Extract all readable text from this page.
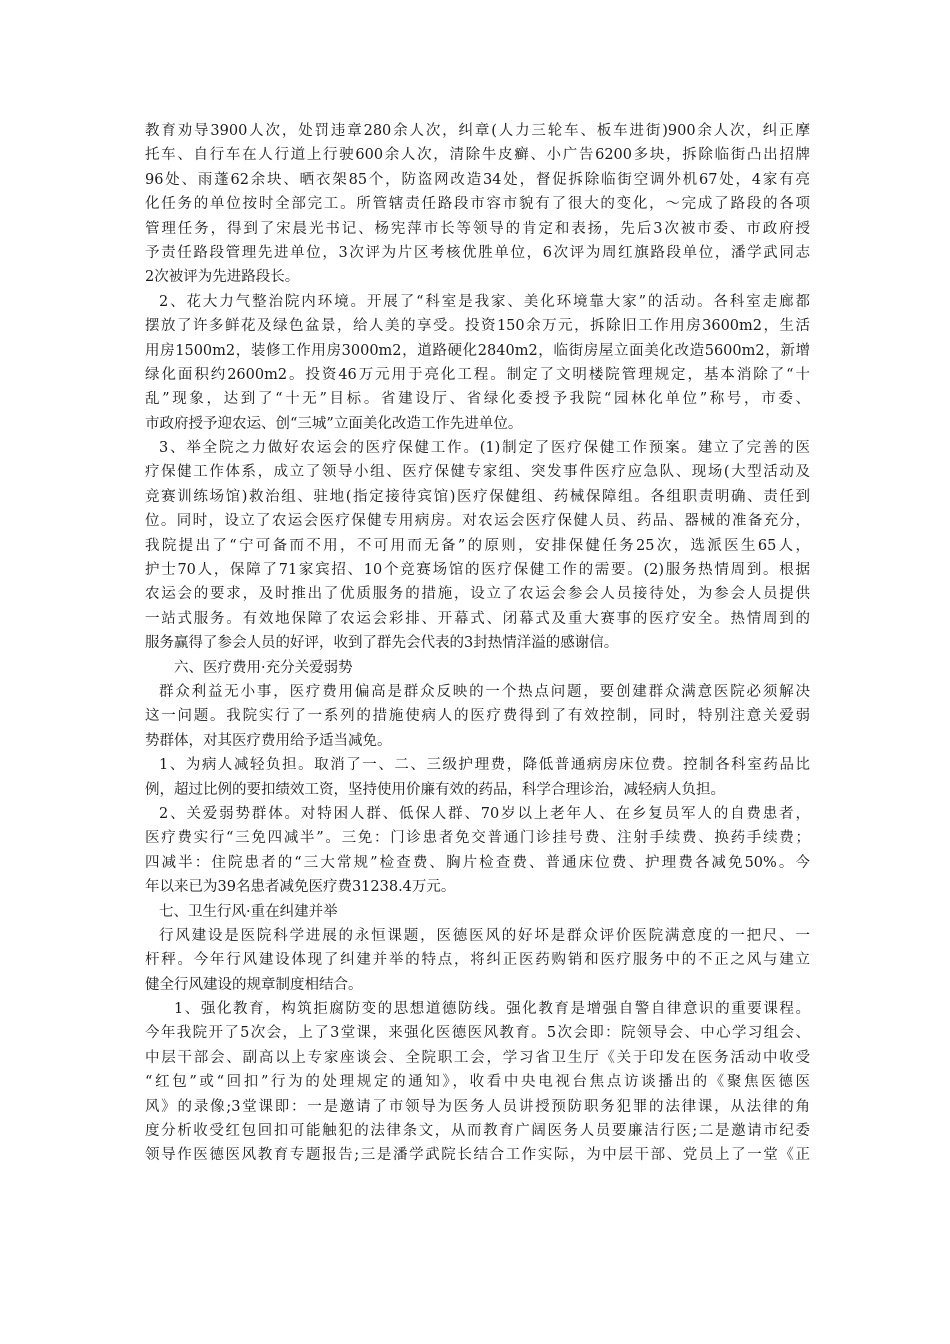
教育劝导3900人次，处罚违章280余人次，纠章(人力三轮车、板车进街)900余人次，纠正摩
托车、自行车在人行道上行驶600余人次，清除牛皮癣、小广告6200多块，拆除临街凸出招牌
96处、雨蓬62余块、晒衣架85个，防盗网改造34处，督促拆除临街空调外机67处，4家有亮
化任务的单位按时全部完工。所管辖责任路段市容市貌有了很大的变化，～完成了路段的各项
管理任务，得到了宋晨光书记、杨宪萍市长等领导的肯定和表扬，先后3次被市委、市政府授
予责任路段管理先进单位，3次评为片区考核优胜单位，6次评为周红旗路段单位，潘学武同志
2次被评为先进路段长。
2、花大力气整治院内环境。开展了“科室是我家、美化环境靠大家”的活动。各科室走廊都
摆放了许多鲜花及绿色盆景，给人美的享受。投资150余万元，拆除旧工作用房3600m2，生活
用房1500m2，装修工作用房3000m2，道路硬化2840m2，临街房屋立面美化改造5600m2，新增
绿化面积约2600m2。投资46万元用于亮化工程。制定了文明楼院管理规定，基本消除了“十
乱”现象，达到了“十无”目标。省建设厅、省绿化委授予我院“园林化单位”称号，市委、
市政府授予迎农运、创“三城”立面美化改造工作先进单位。
3、举全院之力做好农运会的医疗保健工作。(1)制定了医疗保健工作预案。建立了完善的医
疗保健工作体系，成立了领导小组、医疗保健专家组、突发事件医疗应急队、现场(大型活动及
竞赛训练场馆)救治组、驻地(指定接待宾馆)医疗保健组、药械保障组。各组职责明确、责任到
位。同时，设立了农运会医疗保健专用病房。对农运会医疗保健人员、药品、器械的准备充分，
我院提出了“宁可备而不用，不可用而无备”的原则，安排保健任务25次，选派医生65人，
护士70人，保障了71家宾招、10个竞赛场馆的医疗保健工作的需要。(2)服务热情周到。根据
农运会的要求，及时推出了优质服务的措施，设立了农运会参会人员接待处，为参会人员提供
一站式服务。有效地保障了农运会彩排、开幕式、闭幕式及重大赛事的医疗安全。热情周到的
服务赢得了参会人员的好评，收到了群先会代表的3封热情洋溢的感谢信。
六、医疗费用·充分关爱弱势
群众利益无小事，医疗费用偏高是群众反映的一个热点问题，要创建群众满意医院必须解决
这一问题。我院实行了一系列的措施使病人的医疗费得到了有效控制，同时，特别注意关爱弱
势群体，对其医疗费用给予适当减免。
1、为病人减轻负担。取消了一、二、三级护理费，降低普通病房床位费。控制各科室药品比
例，超过比例的要扣绩效工资，坚持使用价廉有效的药品，科学合理诊治，减轻病人负担。
2、关爱弱势群体。对特困人群、低保人群、70岁以上老年人、在乡复员军人的自费患者，
医疗费实行“三免四减半”。三免：门诊患者免交普通门诊挂号费、注射手续费、换药手续费；
四减半：住院患者的“三大常规”检查费、胸片检查费、普通床位费、护理费各减免50%。今
年以来已为39名患者减免医疗费31238.4万元。
七、卫生行风·重在纠建并举
行风建设是医院科学进展的永恒课题，医德医风的好坏是群众评价医院满意度的一把尺、一
杆秤。今年行风建设体现了纠建并举的特点，将纠正医药购销和医疗服务中的不正之风与建立
健全行风建设的规章制度相结合。
1、强化教育，构筑拒腐防变的思想道德防线。强化教育是增强自警自律意识的重要课程。
今年我院开了5次会，上了3堂课，来强化医德医风教育。5次会即：院领导会、中心学习组会、
中层干部会、副高以上专家座谈会、全院职工会，学习省卫生厅《关于印发在医务活动中收受
“红包”或“回扣”行为的处理规定的通知》，收看中央电视台焦点访谈播出的《聚焦医德医
风》的录像;3堂课即：一是邀请了市领导为医务人员讲授预防职务犯罪的法律课，从法律的角
度分析收受红包回扣可能触犯的法律条文，从而教育广阔医务人员要廉洁行医;二是邀请市纪委
领导作医德医风教育专题报告;三是潘学武院长结合工作实际，为中层干部、党员上了一堂《正
